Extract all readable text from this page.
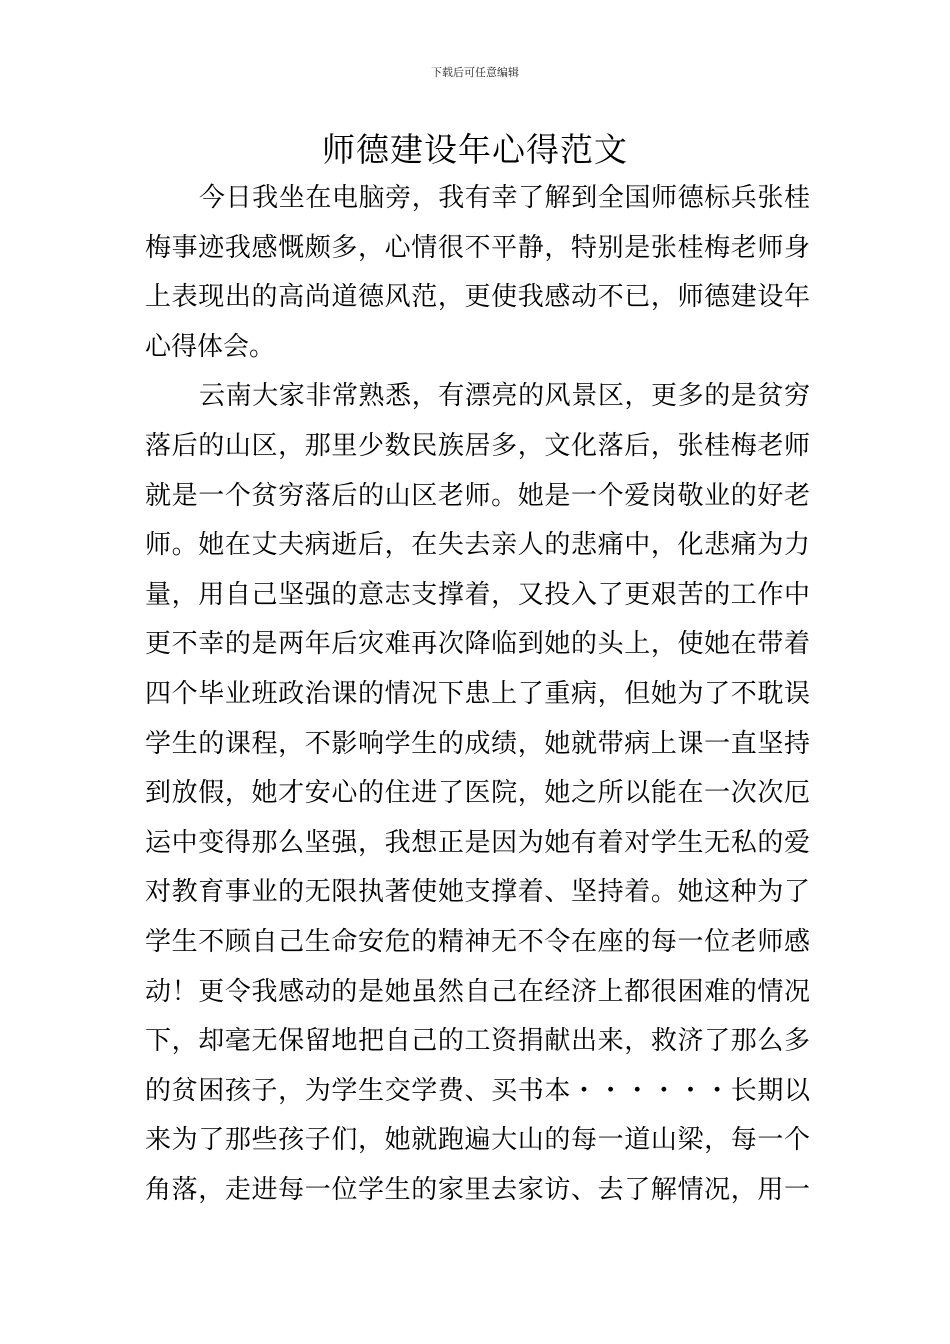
下载后可任意编辑
师德建设年心得范文
今日我坐在电脑旁，我有幸了解到全国师德标兵张桂
梅事迹我感慨颇多，心情很不平静，特别是张桂梅老师身
上表现出的高尚道德风范，更使我感动不已，师德建设年
心得体会。
云南大家非常熟悉，有漂亮的风景区，更多的是贫穷
落后的山区，那里少数民族居多，文化落后，张桂梅老师
就是一个贫穷落后的山区老师。她是一个爱岗敬业的好老
师。她在丈夫病逝后，在失去亲人的悲痛中，化悲痛为力
量，用自己坚强的意志支撑着，又投入了更艰苦的工作中
更不幸的是两年后灾难再次降临到她的头上，使她在带着
四个毕业班政治课的情况下患上了重病，但她为了不耽误
学生的课程，不影响学生的成绩，她就带病上课一直坚持
到放假，她才安心的住进了医院，她之所以能在一次次厄
运中变得那么坚强，我想正是因为她有着对学生无私的爱
对教育事业的无限执著使她支撑着、坚持着。她这种为了
学生不顾自己生命安危的精神无不令在座的每一位老师感
动！更令我感动的是她虽然自己在经济上都很困难的情况
下，却毫无保留地把自己的工资捐献出来，救济了那么多
的贫困孩子，为学生交学费、买书本・・・・・・长期以
来为了那些孩子们，她就跑遍大山的每一道山梁，每一个
角落，走进每一位学生的家里去家访、去了解情况，用一
